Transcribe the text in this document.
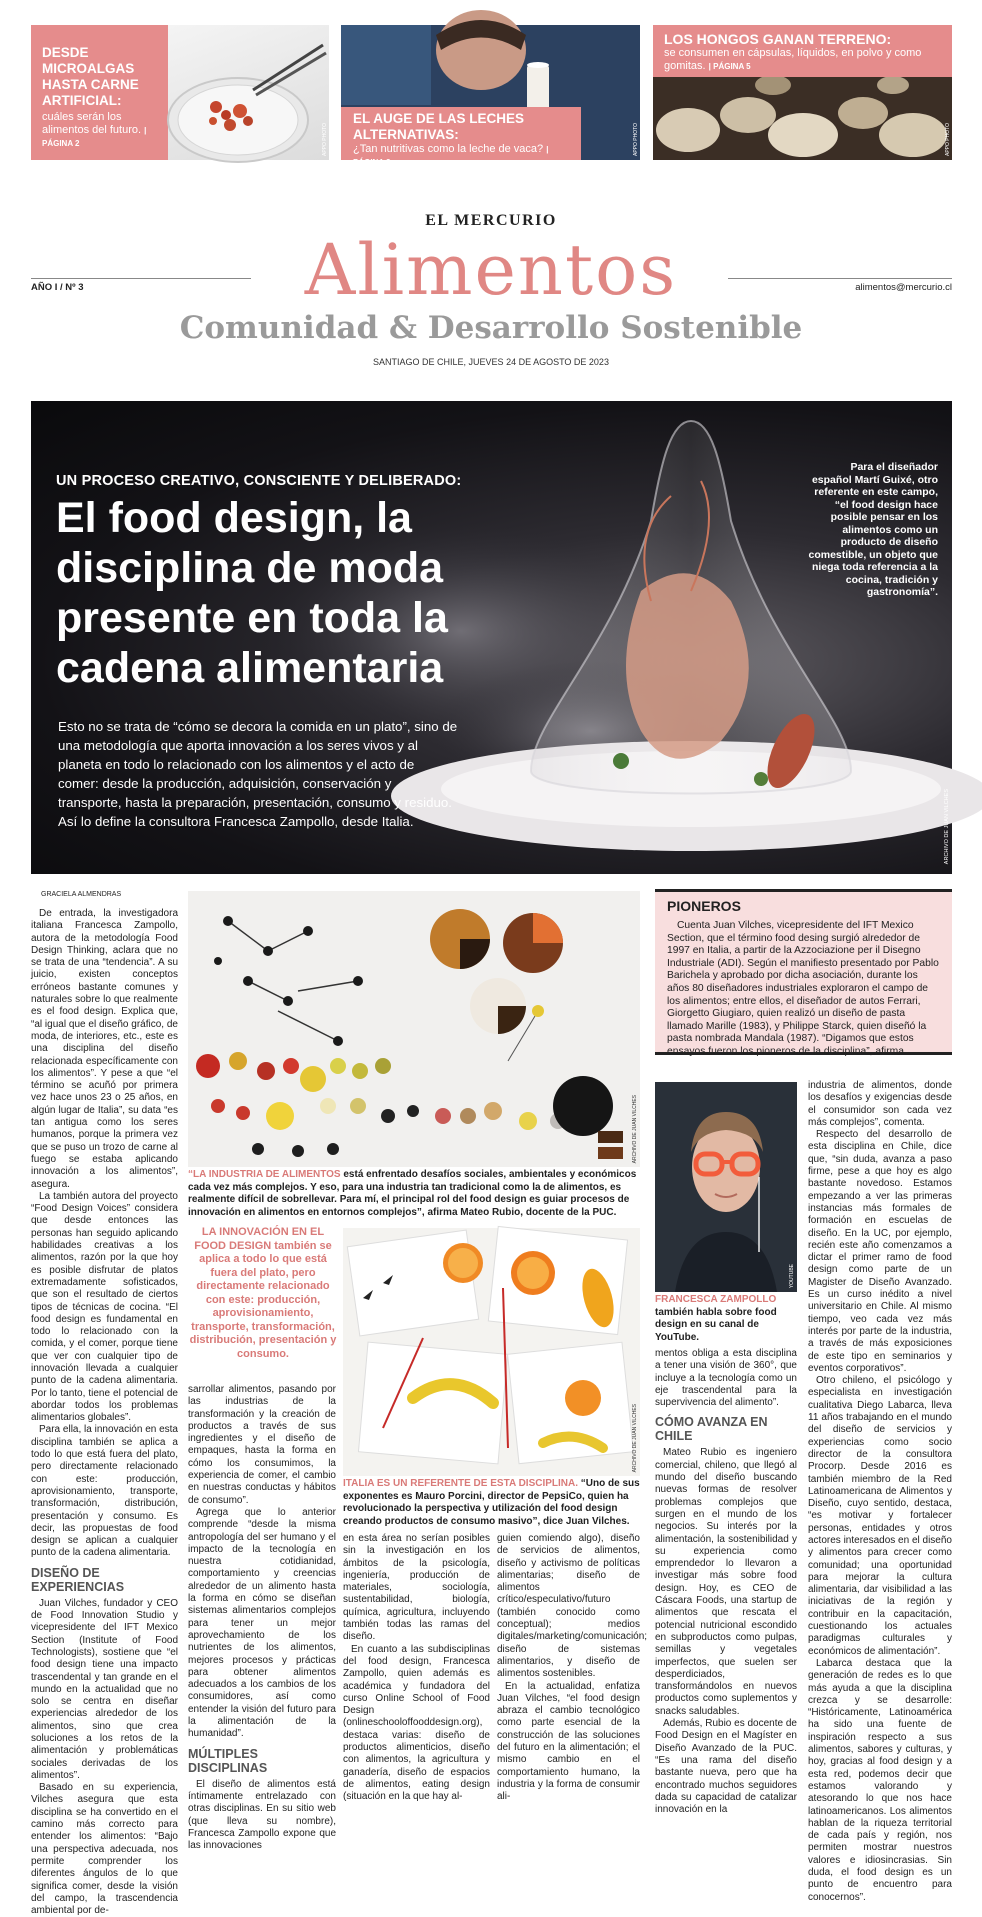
DESDE MICROALGAS HASTA CARNE ARTIFICIAL:
cuáles serán los alimentos del futuro. | PÁGINA 2	APPO PHOTO
EL AUGE DE LAS LECHES ALTERNATIVAS:
¿Tan nutritivas como la leche de vaca? | PÁGINA 3
APPO PHOTO
LOS HONGOS GANAN TERRENO:
se consumen en cápsulas, líquidos, en polvo y como gomitas. | PÁGINA 5
APPO PHOTO
EL MERCURIO
AÑO I / Nº 3	alimentos@mercurio.cl
Alimentos
Comunidad & Desarrollo Sostenible
SANTIAGO DE CHILE, JUEVES 24 DE AGOSTO DE 2023
UN PROCESO CREATIVO, CONSCIENTE Y DELIBERADO:
El food design, la disciplina de moda presente en toda la cadena alimentaria
Esto no se trata de “cómo se decora la comida en un plato”, sino de una metodología que aporta innovación a los seres vivos y al planeta en todo lo relacionado con los alimentos y el acto de comer: desde la producción, adquisición, conservación y transporte, hasta la preparación, presentación, consumo y residuo. Así lo define la consultora Francesca Zampollo, desde Italia.
Para el diseñador español Martí Guixé, otro referente en este campo, “el food design hace posible pensar en los alimentos como un producto de diseño comestible, un objeto que niega toda referencia a la cocina, tradición y gastronomía”.
ARCHIVO DE JUAN VILCHES
GRACIELA ALMENDRAS

De entrada, la investigadora italiana Francesca Zampollo, autora de la metodología Food Design Thinking, aclara que no se trata de una “tendencia”. A su juicio, existen conceptos erróneos bastante comunes y naturales sobre lo que realmente es el food design. Explica que, “al igual que el diseño gráfico, de moda, de interiores, etc., este es una disciplina del diseño relacionada específicamente con los alimentos”. Y pese a que “el término se acuñó por primera vez hace unos 23 o 25 años, en algún lugar de Italia”, su data “es tan antigua como los seres humanos, porque la primera vez que se puso un trozo de carne al fuego se estaba aplicando innovación a los alimentos”, asegura.

La también autora del proyecto “Food Design Voices” considera que desde entonces las personas han seguido aplicando habilidades creativas a los alimentos, razón por la que hoy es posible disfrutar de platos extremadamente sofisticados, que son el resultado de ciertos tipos de técnicas de cocina. “El food design es fundamental en todo lo relacionado con la comida, y el comer, porque tiene que ver con cualquier tipo de innovación llevada a cualquier punto de la cadena alimentaria. Por lo tanto, tiene el potencial de abordar todos los problemas alimentarios globales”.

Para ella, la innovación en esta disciplina también se aplica a todo lo que está fuera del plato, pero directamente relacionado con este: producción, aprovisionamiento, transporte, transformación, distribución, presentación y consumo. Es decir, las propuestas de food design se aplican a cualquier punto de la cadena alimentaria.

DISEÑO DE EXPERIENCIAS

Juan Vilches, fundador y CEO de Food Innovation Studio y vicepresidente del IFT Mexico Section (Institute of Food Technologists), sostiene que “el food design tiene una impacto trascendental y tan grande en el mundo en la actualidad que no solo se centra en diseñar experiencias alrededor de los alimentos, sino que crea soluciones a los retos de la alimentación y problemáticas sociales derivadas de los alimentos”.

Basado en su experiencia, Vilches asegura que esta disciplina se ha convertido en el camino más correcto para entender los alimentos: “Bajo una perspectiva adecuada, nos permite comprender los diferentes ángulos de lo que significa comer, desde la visión del campo, la trascendencia ambiental por de-

ARCHIVO DE JUAN VILCHES
“LA INDUSTRIA DE ALIMENTOS está enfrentado desafíos sociales, ambientales y económicos cada vez más complejos. Y eso, para una industria tan tradicional como la de alimentos, es realmente difícil de sobrellevar. Para mí, el principal rol del food design es guiar procesos de innovación en alimentos en entornos complejos”, afirma Mateo Rubio, docente de la PUC.
LA INNOVACIÓN EN EL FOOD DESIGN también se aplica a todo lo que está fuera del plato, pero directamente relacionado con este: producción, aprovisionamiento, transporte, transformación, distribución, presentación y consumo.

sarrollar alimentos, pasando por las industrias de la transformación y la creación de productos a través de sus ingredientes y el diseño de empaques, hasta la forma en cómo los consumimos, la experiencia de comer, el cambio en nuestras conductas y hábitos de consumo”.

Agrega que lo anterior comprende “desde la misma antropología del ser humano y el impacto de la tecnología en nuestra cotidianidad, comportamiento y creencias alrededor de un alimento hasta la forma en cómo se diseñan sistemas alimentarios complejos para tener un mejor aprovechamiento de los nutrientes de los alimentos, mejores procesos y prácticas para obtener alimentos adecuados a los cambios de los consumidores, así como entender la visión del futuro para la alimentación de la humanidad”.

MÚLTIPLES DISCIPLINAS

El diseño de alimentos está íntimamente entrelazado con otras disciplinas. En su sitio web (que lleva su nombre), Francesca Zampollo expone que las innovaciones

ARCHIVO DE JUAN VILCHES
ITALIA ES UN REFERENTE DE ESTA DISCIPLINA. “Uno de sus exponentes es Mauro Porcini, director de PepsiCo, quien ha revolucionado la perspectiva y utilización del food design creando productos de consumo masivo”, dice Juan Vilches.

en esta área no serían posibles sin la investigación en los ámbitos de la psicología, ingeniería, producción de materiales, sociología, sustentabilidad, biología, química, agricultura, incluyendo también todas las ramas del diseño.

En cuanto a las subdisciplinas del food design, Francesca Zampollo, quien además es académica y fundadora del curso Online School of Food Design (onlineschooloffooddesign.org), destaca varias: diseño de productos alimenticios, diseño con alimentos, la agricultura y ganadería, diseño de espacios de alimentos, eating design (situación en la que hay al-

guien comiendo algo), diseño de servicios de alimentos, diseño y activismo de políticas alimentarias; diseño de alimentos crítico/especulativo/futuro (también conocido como conceptual); medios digitales/marketing/comunicación; diseño de sistemas alimentarios, y diseño de alimentos sostenibles.

En la actualidad, enfatiza Juan Vilches, “el food design abraza el cambio tecnológico como parte esencial de la construcción de las soluciones del futuro en la alimentación; el mismo cambio en el comportamiento humano, la industria y la forma de consumir ali-

PIONEROS

Cuenta Juan Vilches, vicepresidente del IFT Mexico Section, que el término food desing surgió alrededor de 1997 en Italia, a partir de la Azzociazione per il Disegno Industriale (ADI). Según el manifiesto presentado por Pablo Barichela y aprobado por dicha asociación, durante los años 80 diseñadores industriales exploraron el campo de los alimentos; entre ellos, el diseñador de autos Ferrari, Giorgetto Giugiaro, quien realizó un diseño de pasta llamado Marille (1983), y Philippe Starck, quien diseñó la pasta nombrada Mandala (1987). “Digamos que estos ensayos fueron los pioneros de la disciplina”, afirma.

YOUTUBE
FRANCESCA ZAMPOLLO también habla sobre food design en su canal de YouTube.

mentos obliga a esta disciplina a tener una visión de 360°, que incluye a la tecnología como un eje trascendental para la supervivencia del alimento”.

CÓMO AVANZA EN CHILE

Mateo Rubio es ingeniero comercial, chileno, que llegó al mundo del diseño buscando nuevas formas de resolver problemas complejos que surgen en el mundo de los negocios. Su interés por la alimentación, la sostenibilidad y su experiencia como emprendedor lo llevaron a investigar más sobre food design. Hoy, es CEO de Cáscara Foods, una startup de alimentos que rescata el potencial nutricional escondido en subproductos como pulpas, semillas y vegetales imperfectos, que suelen ser desperdiciados, transformándolos en nuevos productos como suplementos y snacks saludables.

Además, Rubio es docente de Food Design en el Magíster en Diseño Avanzado de la PUC. “Es una rama del diseño bastante nueva, pero que ha encontrado muchos seguidores dada su capacidad de catalizar innovación en la

industria de alimentos, donde los desafíos y exigencias desde el consumidor son cada vez más complejos”, comenta.

Respecto del desarrollo de esta disciplina en Chile, dice que, “sin duda, avanza a paso firme, pese a que hoy es algo bastante novedoso. Estamos empezando a ver las primeras instancias más formales de formación en escuelas de diseño. En la UC, por ejemplo, recién este año comenzamos a dictar el primer ramo de food design como parte de un Magister de Diseño Avanzado. Es un curso inédito a nivel universitario en Chile. Al mismo tiempo, veo cada vez más interés por parte de la industria, a través de más exposiciones de este tipo en seminarios y eventos corporativos”.

Otro chileno, el psicólogo y especialista en investigación cualitativa Diego Labarca, lleva 11 años trabajando en el mundo del diseño de servicios y experiencias como socio director de la consultora Procorp. Desde 2016 es también miembro de la Red Latinoamericana de Alimentos y Diseño, cuyo sentido, destaca, “es motivar y fortalecer personas, entidades y otros actores interesados en el diseño y alimentos para crecer como comunidad; una oportunidad para mejorar la cultura alimentaria, dar visibilidad a las iniciativas de la región y contribuir en la capacitación, cuestionando los actuales paradigmas culturales y económicos de alimentación”.

Labarca destaca que la generación de redes es lo que más ayuda a que la disciplina crezca y se desarrolle: “Históricamente, Latinoamérica ha sido una fuente de inspiración respecto a sus alimentos, sabores y culturas, y hoy, gracias al food design y a esta red, podemos decir que estamos valorando y atesorando lo que nos hace latinoamericanos. Los alimentos hablan de la riqueza territorial de cada país y región, nos permiten mostrar nuestros valores e idiosincrasias. Sin duda, el food design es un punto de encuentro para conocernos”.
